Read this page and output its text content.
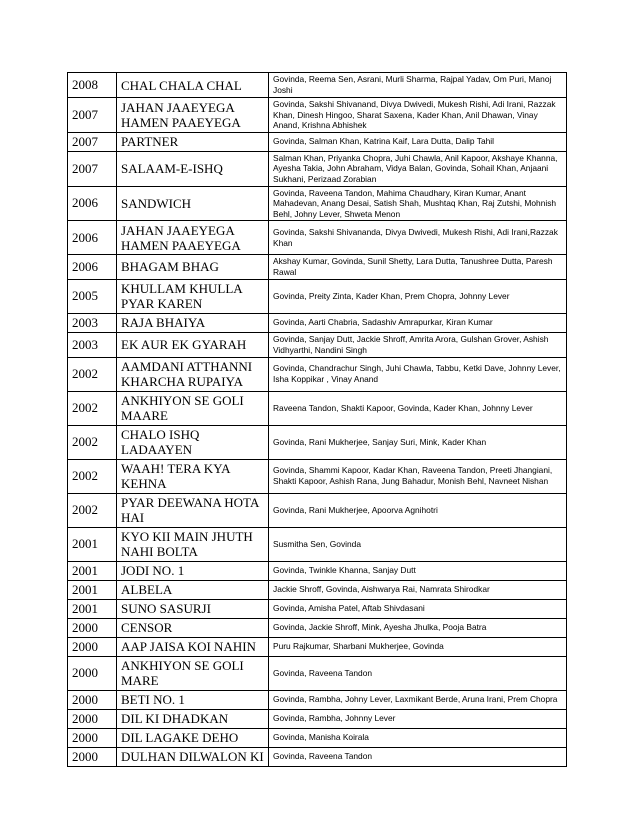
2008	CHAL CHALA CHAL	Govinda, Reema Sen, Asrani, Murli Sharma, Rajpal Yadav, Om Puri, Manoj Joshi
2007	JAHAN JAAEYEGA HAMEN PAAEYEGA	Govinda, Sakshi Shivanand, Divya Dwivedi, Mukesh Rishi, Adi Irani, Razzak Khan, Dinesh Hingoo, Sharat Saxena, Kader Khan, Anil Dhawan, Vinay Anand, Krishna Abhishek
2007	PARTNER	Govinda, Salman Khan, Katrina Kaif, Lara Dutta, Dalip Tahil
2007	SALAAM-E-ISHQ	Salman Khan, Priyanka Chopra, Juhi Chawla, Anil Kapoor, Akshaye Khanna, Ayesha Takia, John Abraham, Vidya Balan, Govinda, Sohail Khan, Anjaani Sukhani, Perizaad Zorabian
2006	SANDWICH	Govinda, Raveena Tandon, Mahima Chaudhary, Kiran Kumar, Anant Mahadevan, Anang Desai, Satish Shah, Mushtaq Khan, Raj Zutshi, Mohnish Behl, Johny Lever, Shweta Menon
2006	JAHAN JAAEYEGA HAMEN PAAEYEGA	Govinda, Sakshi Shivananda, Divya Dwivedi, Mukesh Rishi, Adi Irani,Razzak Khan
2006	BHAGAM BHAG	Akshay Kumar, Govinda, Sunil Shetty, Lara Dutta, Tanushree Dutta, Paresh Rawal
2005	KHULLAM KHULLA PYAR KAREN	Govinda, Preity Zinta, Kader Khan, Prem Chopra, Johnny Lever
2003	RAJA BHAIYA	Govinda, Aarti Chabria, Sadashiv Amrapurkar, Kiran Kumar
2003	EK AUR EK GYARAH	Govinda, Sanjay Dutt, Jackie Shroff, Amrita Arora, Gulshan Grover, Ashish Vidhyarthi, Nandini Singh
2002	AAMDANI ATTHANNI KHARCHA RUPAIYA	Govinda, Chandrachur Singh, Juhi Chawla, Tabbu, Ketki Dave, Johnny Lever, Isha Koppikar , Vinay Anand
2002	ANKHIYON SE GOLI MAARE	Raveena Tandon, Shakti Kapoor, Govinda, Kader Khan, Johnny Lever
2002	CHALO ISHQ LADAAYEN	Govinda, Rani Mukherjee, Sanjay Suri, Mink, Kader Khan
2002	WAAH! TERA KYA KEHNA	Govinda, Shammi Kapoor, Kadar Khan, Raveena Tandon, Preeti Jhangiani, Shakti Kapoor, Ashish Rana, Jung Bahadur, Monish Behl, Navneet Nishan
2002	PYAR DEEWANA HOTA HAI	Govinda, Rani Mukherjee, Apoorva Agnihotri
2001	KYO KII MAIN JHUTH NAHI BOLTA	Susmitha Sen, Govinda
2001	JODI NO. 1	Govinda, Twinkle Khanna, Sanjay Dutt
2001	ALBELA	Jackie Shroff, Govinda, Aishwarya Rai, Namrata Shirodkar
2001	SUNO SASURJI	Govinda, Amisha Patel, Aftab Shivdasani
2000	CENSOR	Govinda, Jackie Shroff, Mink, Ayesha Jhulka, Pooja Batra
2000	AAP JAISA KOI NAHIN	Puru Rajkumar, Sharbani Mukherjee, Govinda
2000	ANKHIYON SE GOLI MARE	Govinda, Raveena Tandon
2000	BETI NO. 1	Govinda, Rambha, Johny Lever, Laxmikant Berde, Aruna Irani, Prem Chopra
2000	DIL KI DHADKAN	Govinda, Rambha, Johnny Lever
2000	DIL LAGAKE DEHO	Govinda, Manisha Koirala
2000	DULHAN DILWALON KI	Govinda, Raveena Tandon
